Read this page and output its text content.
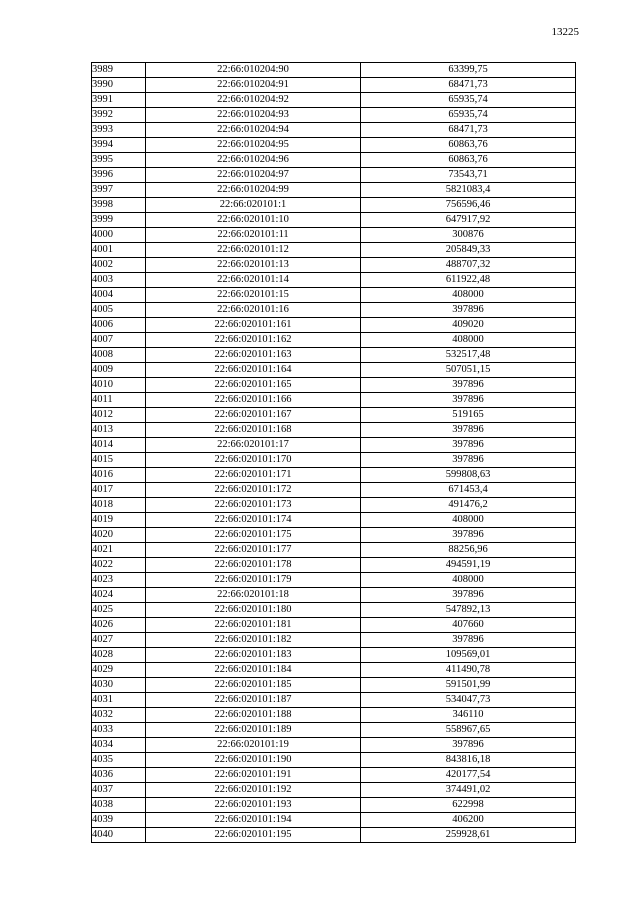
13225
3989	22:66:010204:90	63399,75
3990	22:66:010204:91	68471,73
3991	22:66:010204:92	65935,74
3992	22:66:010204:93	65935,74
3993	22:66:010204:94	68471,73
3994	22:66:010204:95	60863,76
3995	22:66:010204:96	60863,76
3996	22:66:010204:97	73543,71
3997	22:66:010204:99	5821083,4
3998	22:66:020101:1	756596,46
3999	22:66:020101:10	647917,92
4000	22:66:020101:11	300876
4001	22:66:020101:12	205849,33
4002	22:66:020101:13	488707,32
4003	22:66:020101:14	611922,48
4004	22:66:020101:15	408000
4005	22:66:020101:16	397896
4006	22:66:020101:161	409020
4007	22:66:020101:162	408000
4008	22:66:020101:163	532517,48
4009	22:66:020101:164	507051,15
4010	22:66:020101:165	397896
4011	22:66:020101:166	397896
4012	22:66:020101:167	519165
4013	22:66:020101:168	397896
4014	22:66:020101:17	397896
4015	22:66:020101:170	397896
4016	22:66:020101:171	599808,63
4017	22:66:020101:172	671453,4
4018	22:66:020101:173	491476,2
4019	22:66:020101:174	408000
4020	22:66:020101:175	397896
4021	22:66:020101:177	88256,96
4022	22:66:020101:178	494591,19
4023	22:66:020101:179	408000
4024	22:66:020101:18	397896
4025	22:66:020101:180	547892,13
4026	22:66:020101:181	407660
4027	22:66:020101:182	397896
4028	22:66:020101:183	109569,01
4029	22:66:020101:184	411490,78
4030	22:66:020101:185	591501,99
4031	22:66:020101:187	534047,73
4032	22:66:020101:188	346110
4033	22:66:020101:189	558967,65
4034	22:66:020101:19	397896
4035	22:66:020101:190	843816,18
4036	22:66:020101:191	420177,54
4037	22:66:020101:192	374491,02
4038	22:66:020101:193	622998
4039	22:66:020101:194	406200
4040	22:66:020101:195	259928,61
